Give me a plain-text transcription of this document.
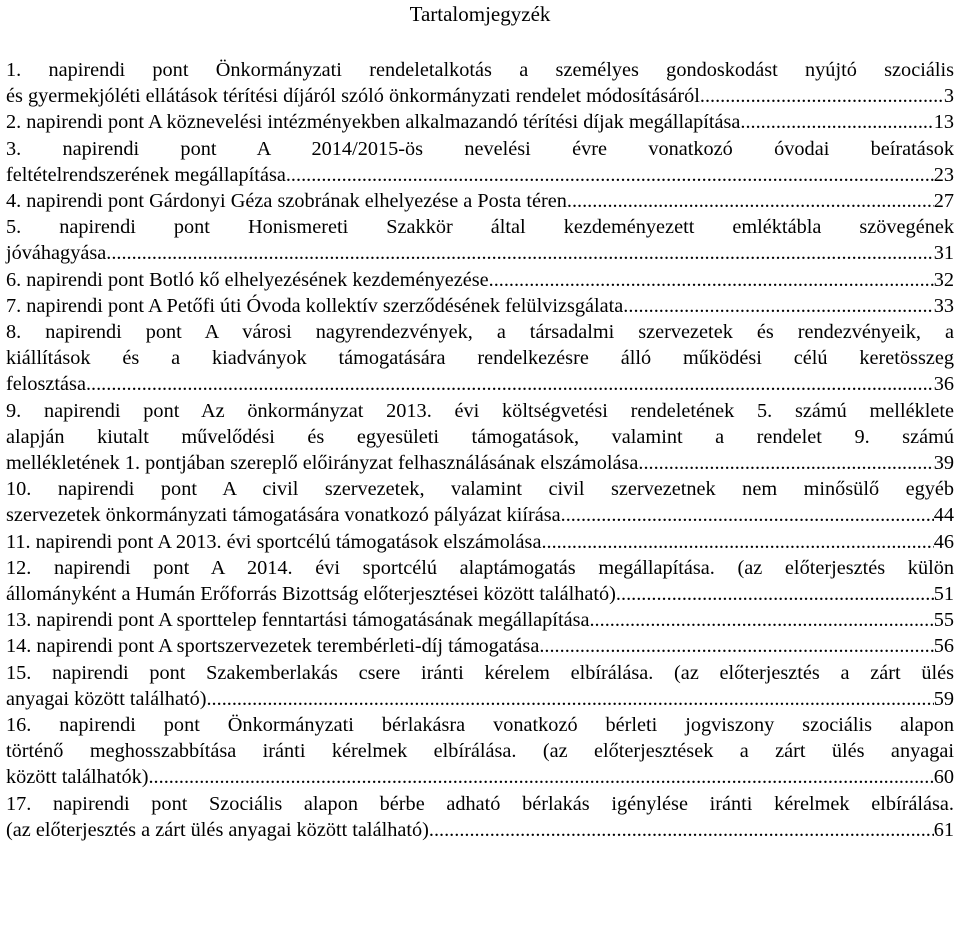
Tartalomjegyzék
1. napirendi pont Önkormányzati rendeletalkotás a személyes gondoskodást nyújtó szociális
és gyermekjóléti ellátások térítési díjáról szóló önkormányzati rendelet módosításáról. .....	3
2. napirendi pont A köznevelési intézményekben alkalmazandó térítési díjak megállapítása. .....	13
3. napirendi pont A 2014/2015-ös nevelési évre vonatkozó óvodai beíratások
feltételrendszerének megállapítása. .....	23
4. napirendi pont Gárdonyi Géza szobrának elhelyezése a Posta téren. .....	27
5. napirendi pont Honismereti Szakkör által kezdeményezett emléktábla szövegének
jóváhagyása. .....	31
6. napirendi pont Botló kő elhelyezésének kezdeményezése. .....	32
7. napirendi pont A Petőfi úti Óvoda kollektív szerződésének felülvizsgálata. .....	33
8. napirendi pont A városi nagyrendezvények, a társadalmi szervezetek és rendezvényeik, a
kiállítások és a kiadványok támogatására rendelkezésre álló működési célú keretösszeg
felosztása. .....	36
9. napirendi pont Az önkormányzat 2013. évi költségvetési rendeletének 5. számú melléklete
alapján kiutalt művelődési és egyesületi támogatások, valamint a rendelet 9. számú
mellékletének 1. pontjában szereplő előirányzat felhasználásának elszámolása. .....	39
10. napirendi pont A civil szervezetek, valamint civil szervezetnek nem minősülő egyéb
szervezetek önkormányzati támogatására vonatkozó pályázat kiírása .....	44
11. napirendi pont A 2013. évi sportcélú támogatások elszámolása. .....	46
12. napirendi pont A 2014. évi sportcélú alaptámogatás megállapítása. (az előterjesztés külön
állományként a Humán Erőforrás Bizottság előterjesztései között található) .....	51
13. napirendi pont A sporttelep fenntartási támogatásának megállapítása. .....	55
14. napirendi pont A sportszervezetek terembérleti-díj támogatása. .....	56
15. napirendi pont Szakemberlakás csere iránti kérelem elbírálása. (az előterjesztés a zárt ülés
anyagai között található) .....	59
16. napirendi pont Önkormányzati bérlakásra vonatkozó bérleti jogviszony szociális alapon
történő meghosszabbítása iránti kérelmek elbírálása. (az előterjesztések a zárt ülés anyagai
között találhatók) .....	60
17. napirendi pont Szociális alapon bérbe adható bérlakás igénylése iránti kérelmek elbírálása.
(az előterjesztés a zárt ülés anyagai között található) .....	61
